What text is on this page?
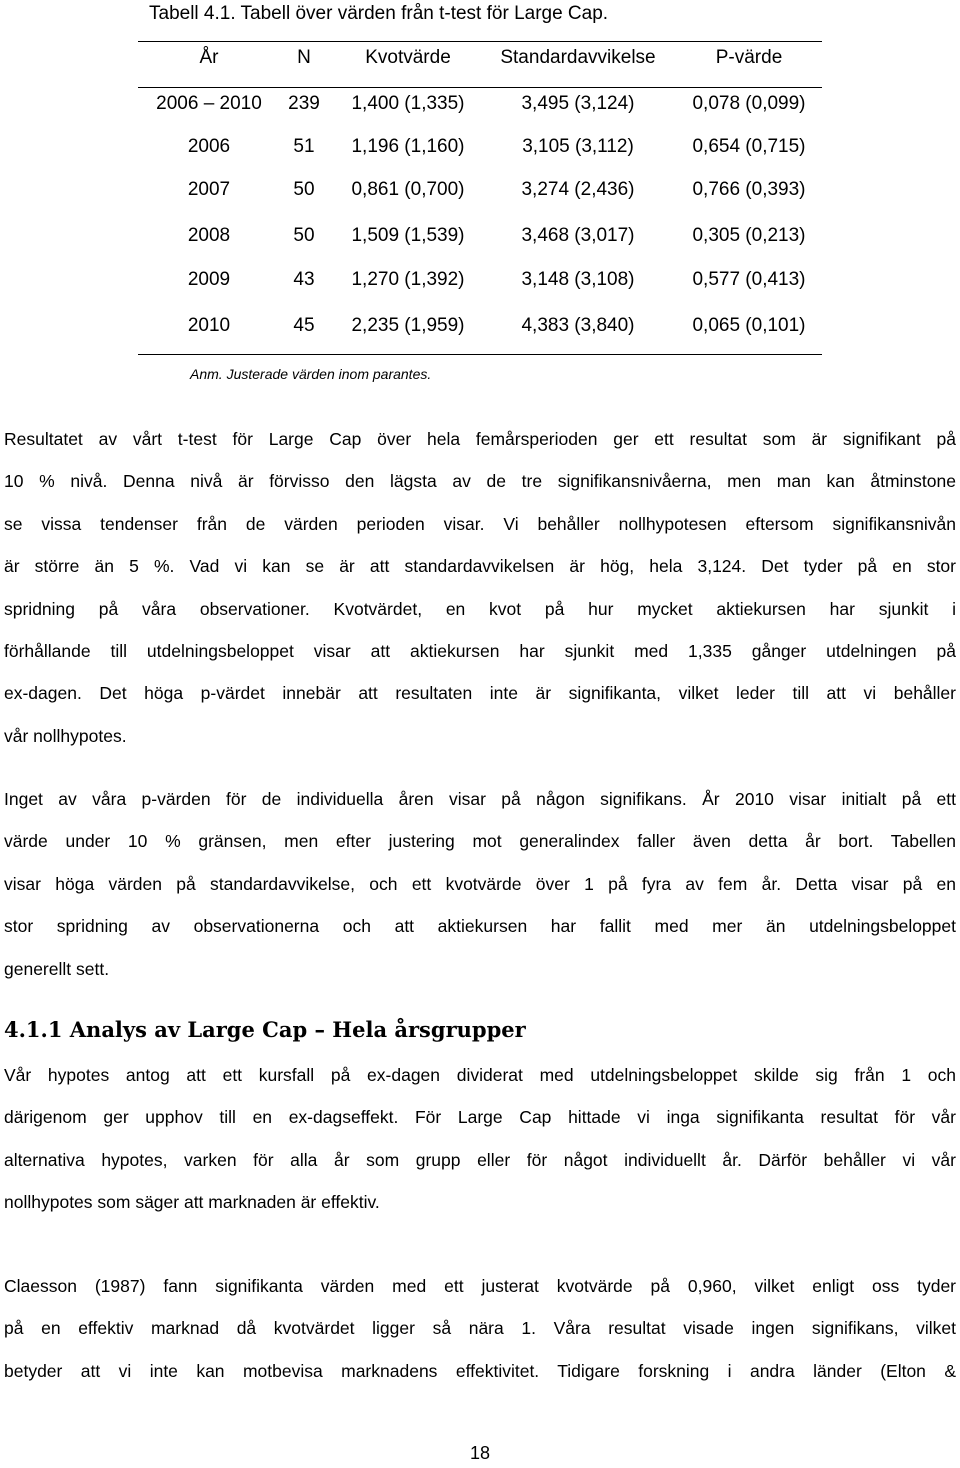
Tabell 4.1. Tabell över värden från t-test för Large Cap.
År	N	Kvotvärde	Standardavvikelse	P-värde
2006 – 2010	239	1,400 (1,335)	3,495 (3,124)	0,078 (0,099)
2006	51	1,196 (1,160)	3,105 (3,112)	0,654 (0,715)
2007	50	0,861 (0,700)	3,274 (2,436)	0,766 (0,393)
2008	50	1,509 (1,539)	3,468 (3,017)	0,305 (0,213)
2009	43	1,270 (1,392)	3,148 (3,108)	0,577 (0,413)
2010	45	2,235 (1,959)	4,383 (3,840)	0,065 (0,101)
Anm. Justerade värden inom parantes.
Resultatet av vårt t-test för Large Cap över hela femårsperioden ger ett resultat som är signifikant på
10 % nivå. Denna nivå är förvisso den lägsta av de tre signifikansnivåerna, men man kan åtminstone
se vissa tendenser från de värden perioden visar. Vi behåller nollhypotesen eftersom signifikansnivån
är större än 5 %. Vad vi kan se är att standardavvikelsen är hög, hela 3,124. Det tyder på en stor
spridning på våra observationer. Kvotvärdet, en kvot på hur mycket aktiekursen har sjunkit i
förhållande till utdelningsbeloppet visar att aktiekursen har sjunkit med 1,335 gånger utdelningen på
ex-dagen. Det höga p-värdet innebär att resultaten inte är signifikanta, vilket leder till att vi behåller
vår nollhypotes.
Inget av våra p-värden för de individuella åren visar på någon signifikans. År 2010 visar initialt på ett
värde under 10 % gränsen, men efter justering mot generalindex faller även detta år bort. Tabellen
visar höga värden på standardavvikelse, och ett kvotvärde över 1 på fyra av fem år. Detta visar på en
stor spridning av observationerna och att aktiekursen har fallit med mer än utdelningsbeloppet
generellt sett.
4.1.1 Analys av Large Cap – Hela årsgrupper
Vår hypotes antog att ett kursfall på ex-dagen dividerat med utdelningsbeloppet skilde sig från 1 och
därigenom ger upphov till en ex-dagseffekt. För Large Cap hittade vi inga signifikanta resultat för vår
alternativa hypotes, varken för alla år som grupp eller för något individuellt år. Därför behåller vi vår
nollhypotes som säger att marknaden är effektiv.
Claesson (1987) fann signifikanta värden med ett justerat kvotvärde på 0,960, vilket enligt oss tyder
på en effektiv marknad då kvotvärdet ligger så nära 1. Våra resultat visade ingen signifikans, vilket
betyder att vi inte kan motbevisa marknadens effektivitet. Tidigare forskning i andra länder (Elton &
18
